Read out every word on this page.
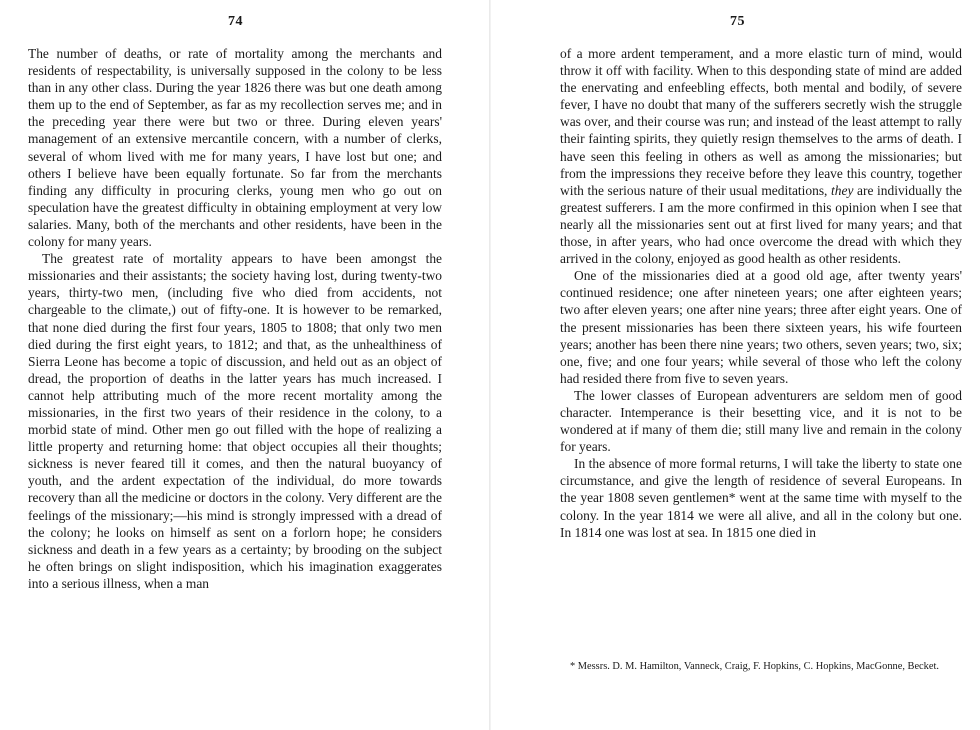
74

The number of deaths, or rate of mortality among the merchants and residents of respectability, is universally supposed in the colony to be less than in any other class. During the year 1826 there was but one death among them up to the end of September, as far as my recollection serves me; and in the preceding year there were but two or three. During eleven years' management of an extensive mercantile concern, with a number of clerks, several of whom lived with me for many years, I have lost but one; and others I believe have been equally fortunate. So far from the merchants finding any difficulty in procuring clerks, young men who go out on speculation have the greatest difficulty in obtaining employment at very low salaries. Many, both of the merchants and other residents, have been in the colony for many years.

The greatest rate of mortality appears to have been amongst the missionaries and their assistants; the society having lost, during twenty-two years, thirty-two men, (including five who died from accidents, not chargeable to the climate,) out of fifty-one. It is however to be remarked, that none died during the first four years, 1805 to 1808; that only two men died during the first eight years, to 1812; and that, as the unhealthiness of Sierra Leone has become a topic of discussion, and held out as an object of dread, the proportion of deaths in the latter years has much increased. I cannot help attributing much of the more recent mortality among the missionaries, in the first two years of their residence in the colony, to a morbid state of mind. Other men go out filled with the hope of realizing a little property and returning home: that object occupies all their thoughts; sickness is never feared till it comes, and then the natural buoyancy of youth, and the ardent expectation of the individual, do more towards recovery than all the medicine or doctors in the colony. Very different are the feelings of the missionary;—his mind is strongly impressed with a dread of the colony; he looks on himself as sent on a forlorn hope; he considers sickness and death in a few years as a certainty; by brooding on the subject he often brings on slight indisposition, which his imagination exaggerates into a serious illness, when a man

75

of a more ardent temperament, and a more elastic turn of mind, would throw it off with facility. When to this desponding state of mind are added the enervating and enfeebling effects, both mental and bodily, of severe fever, I have no doubt that many of the sufferers secretly wish the struggle was over, and their course was run; and instead of the least attempt to rally their fainting spirits, they quietly resign themselves to the arms of death. I have seen this feeling in others as well as among the missionaries; but from the impressions they receive before they leave this country, together with the serious nature of their usual meditations, they are individually the greatest sufferers. I am the more confirmed in this opinion when I see that nearly all the missionaries sent out at first lived for many years; and that those, in after years, who had once overcome the dread with which they arrived in the colony, enjoyed as good health as other residents.

One of the missionaries died at a good old age, after twenty years' continued residence; one after nineteen years; one after eighteen years; two after eleven years; one after nine years; three after eight years. One of the present missionaries has been there sixteen years, his wife fourteen years; another has been there nine years; two others, seven years; two, six; one, five; and one four years; while several of those who left the colony had resided there from five to seven years.

The lower classes of European adventurers are seldom men of good character. Intemperance is their besetting vice, and it is not to be wondered at if many of them die; still many live and remain in the colony for years.

In the absence of more formal returns, I will take the liberty to state one circumstance, and give the length of residence of several Europeans. In the year 1808 seven gentlemen* went at the same time with myself to the colony. In the year 1814 we were all alive, and all in the colony but one. In 1814 one was lost at sea. In 1815 one died in

* Messrs. D. M. Hamilton, Vanneck, Craig, F. Hopkins, C. Hopkins, MacGonne, Becket.
